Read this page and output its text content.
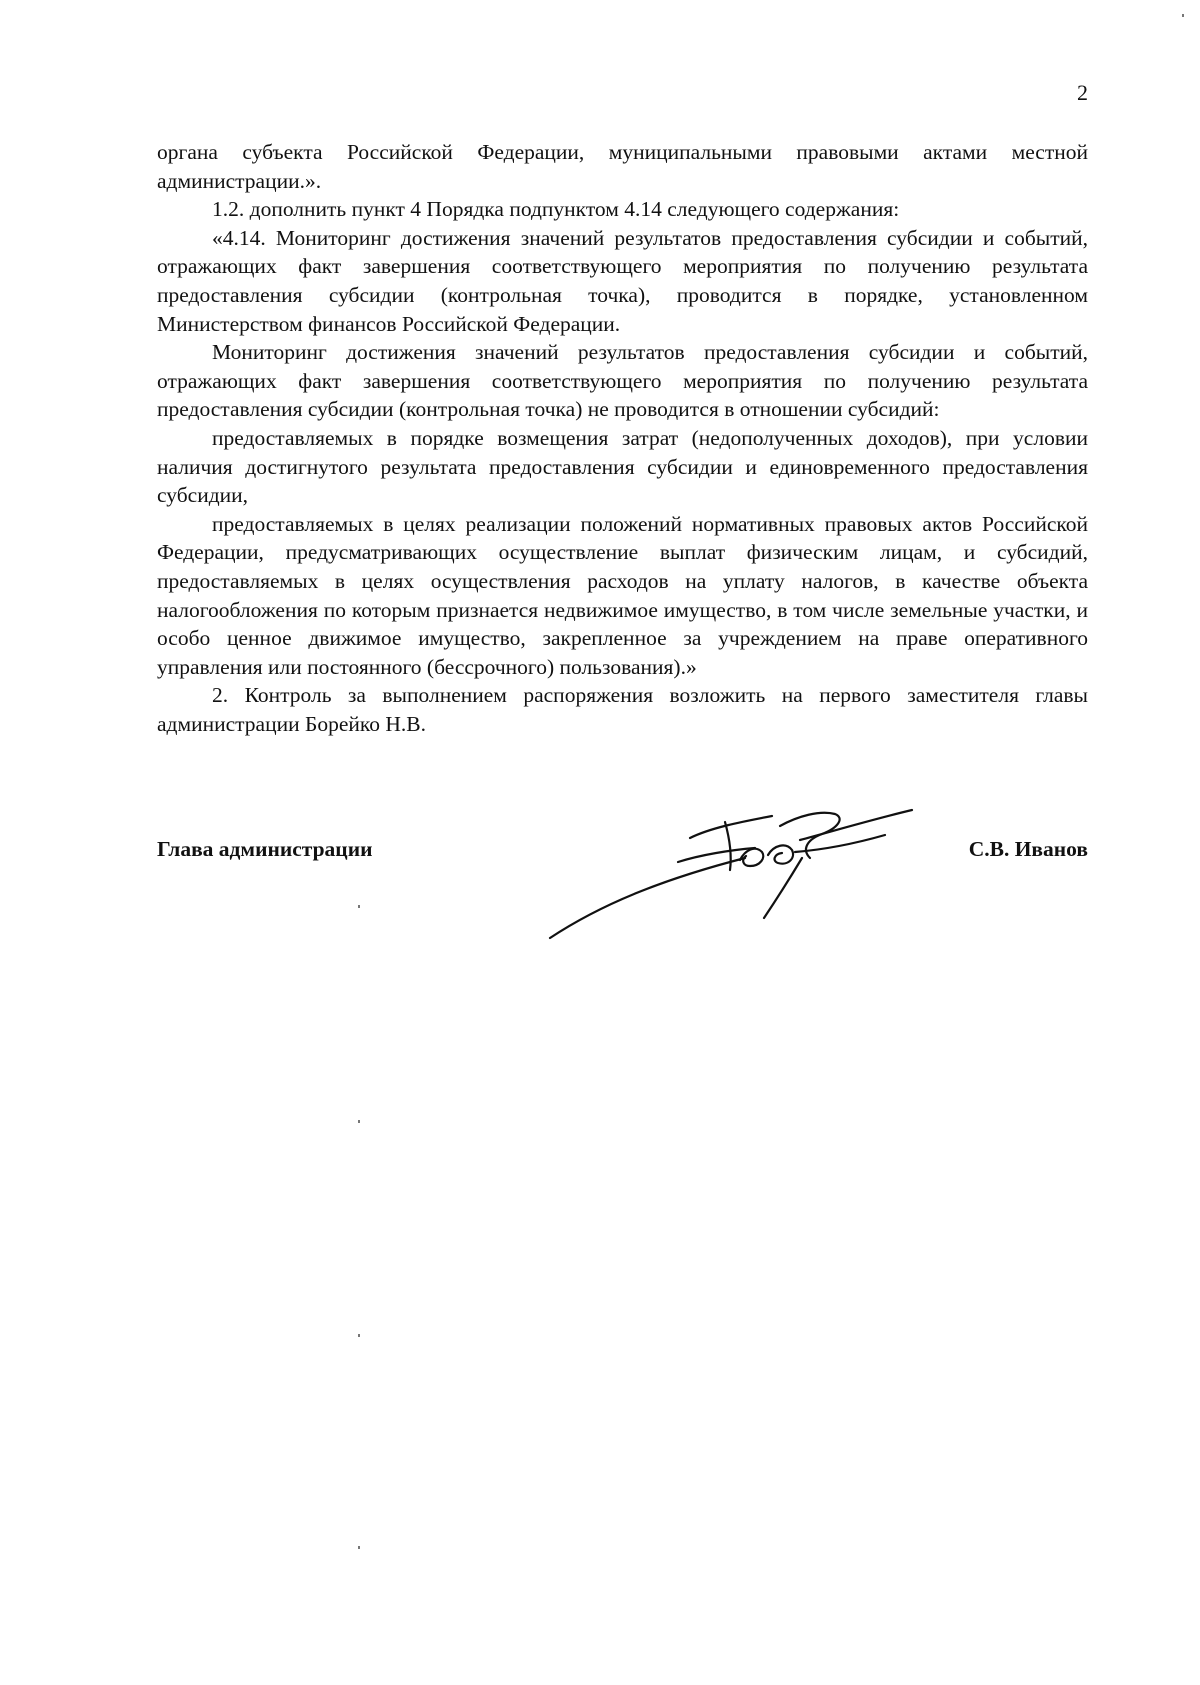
2

органа субъекта Российской Федерации, муниципальными правовыми актами местной администрации.».

1.2. дополнить пункт 4 Порядка подпунктом 4.14 следующего содержания:

«4.14. Мониторинг достижения значений результатов предоставления субсидии и событий, отражающих факт завершения соответствующего мероприятия по получению результата предоставления субсидии (контрольная точка), проводится в порядке, установленном Министерством финансов Российской Федерации.

Мониторинг достижения значений результатов предоставления субсидии и событий, отражающих факт завершения соответствующего мероприятия по получению результата предоставления субсидии (контрольная точка) не проводится в отношении субсидий:

предоставляемых в порядке возмещения затрат (недополученных доходов), при условии наличия достигнутого результата предоставления субсидии и единовременного предоставления субсидии,

предоставляемых в целях реализации положений нормативных правовых актов Российской Федерации, предусматривающих осуществление выплат физическим лицам, и субсидий, предоставляемых в целях осуществления расходов на уплату налогов, в качестве объекта налогообложения по которым признается недвижимое имущество, в том числе земельные участки, и особо ценное движимое имущество, закрепленное за учреждением на праве оперативного управления или постоянного (бессрочного) пользования).»

2. Контроль за выполнением распоряжения возложить на первого заместителя главы администрации Борейко Н.В.

Глава администрации	С.В. Иванов
